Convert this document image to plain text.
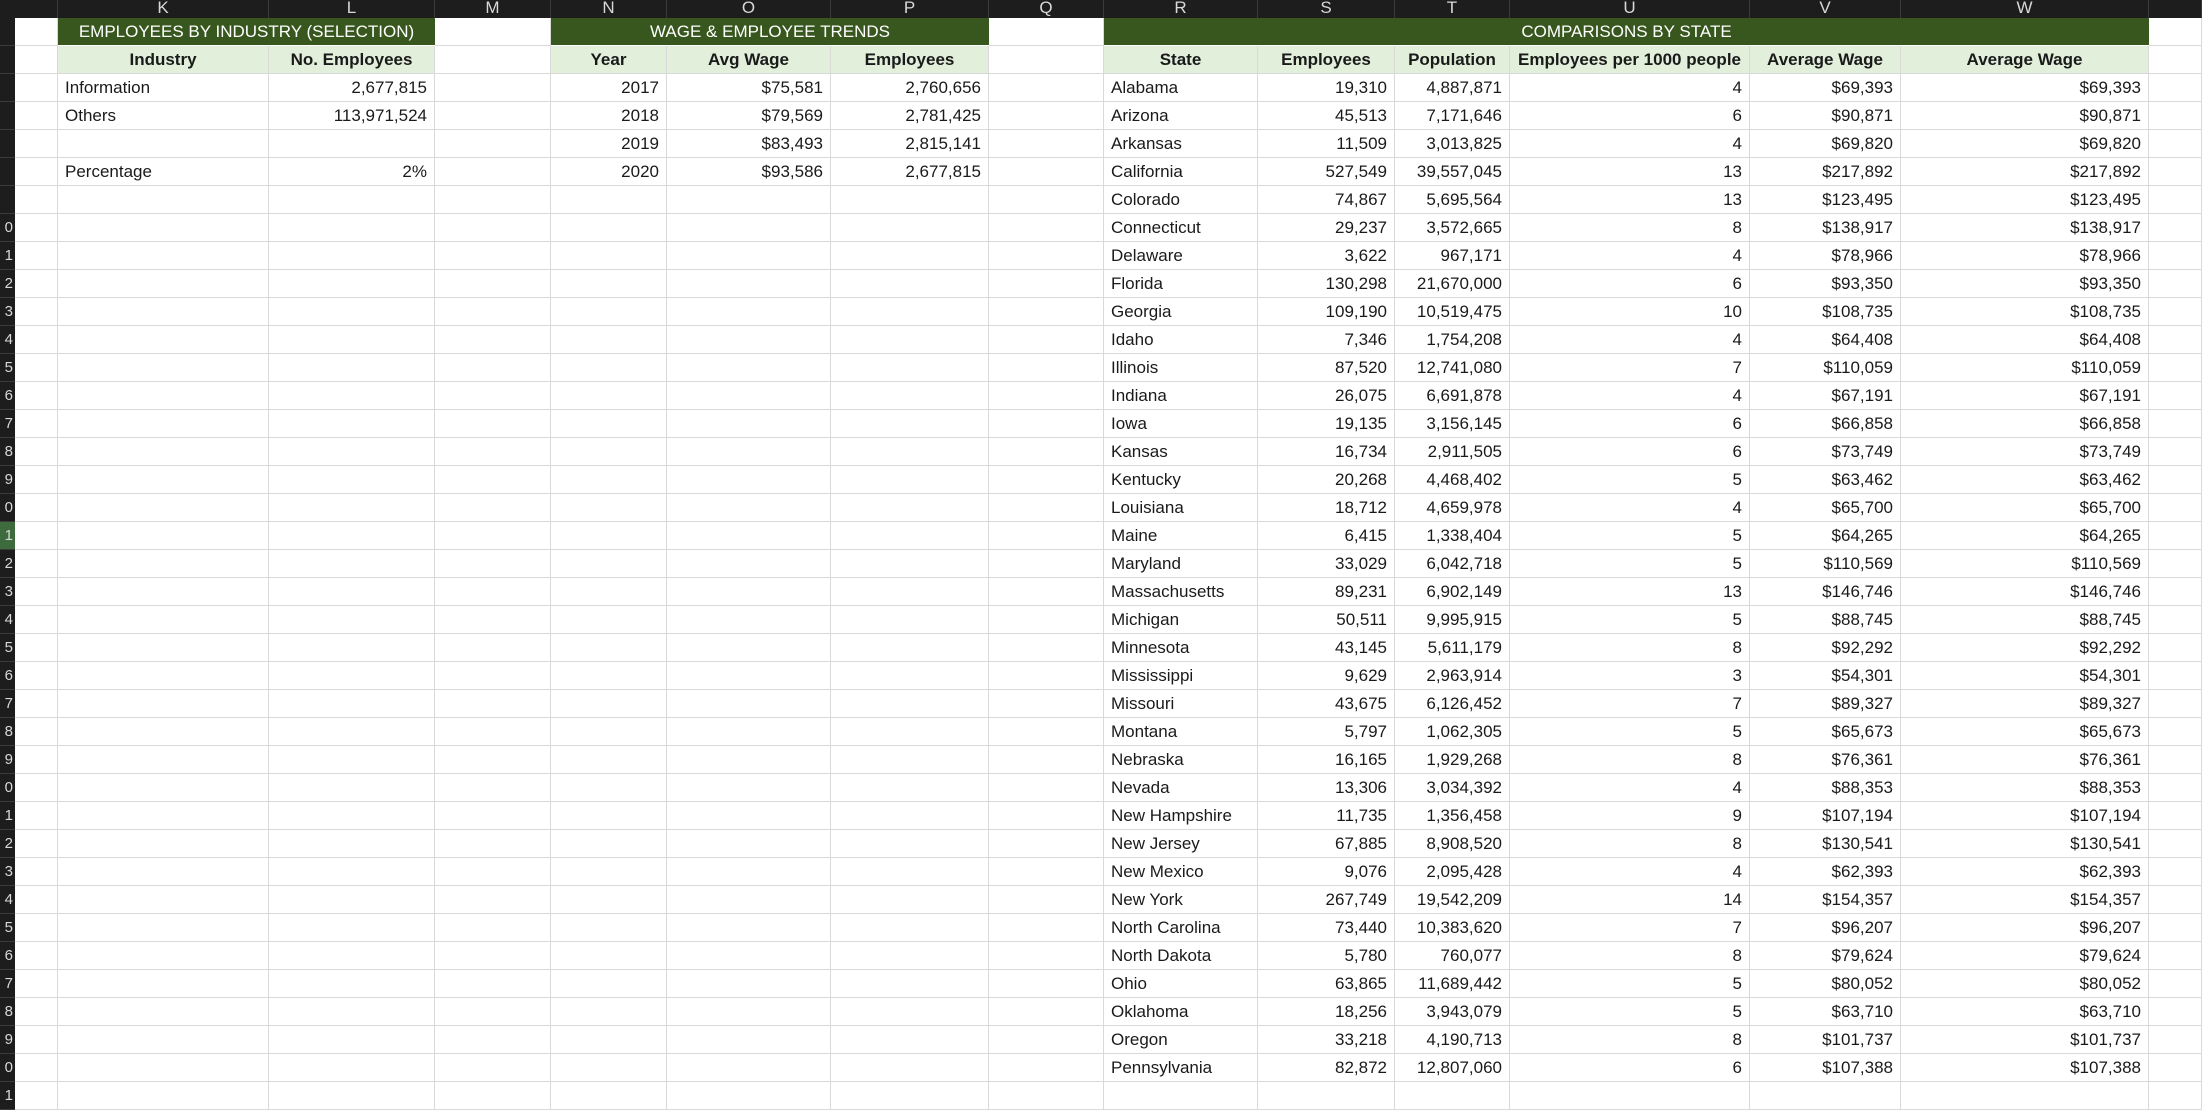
K	L	M	N	O	P	Q	R	S	T	U	V	W
0
1
2
3
4
5
6
7
8
9
0
1
2
3
4
5
6
7
8
9
0
1
2
3
4
5
6
7
8
9
0
1
EMPLOYEES BY INDUSTRY (SELECTION)
Industry	No. Employees
Information	2,677,815
Others	113,971,524
Percentage	2%
WAGE & EMPLOYEE TRENDS
Year	Avg Wage	Employees
2017	$75,581	2,760,656
2018	$79,569	2,781,425
2019	$83,493	2,815,141
2020	$93,586	2,677,815
COMPARISONS BY STATE
State	Employees	Population	Employees per 1000 people	Average Wage	Average Wage
Alabama	19,310	4,887,871	4	$69,393	$69,393
Arizona	45,513	7,171,646	6	$90,871	$90,871
Arkansas	11,509	3,013,825	4	$69,820	$69,820
California	527,549	39,557,045	13	$217,892	$217,892
Colorado	74,867	5,695,564	13	$123,495	$123,495
Connecticut	29,237	3,572,665	8	$138,917	$138,917
Delaware	3,622	967,171	4	$78,966	$78,966
Florida	130,298	21,670,000	6	$93,350	$93,350
Georgia	109,190	10,519,475	10	$108,735	$108,735
Idaho	7,346	1,754,208	4	$64,408	$64,408
Illinois	87,520	12,741,080	7	$110,059	$110,059
Indiana	26,075	6,691,878	4	$67,191	$67,191
Iowa	19,135	3,156,145	6	$66,858	$66,858
Kansas	16,734	2,911,505	6	$73,749	$73,749
Kentucky	20,268	4,468,402	5	$63,462	$63,462
Louisiana	18,712	4,659,978	4	$65,700	$65,700
Maine	6,415	1,338,404	5	$64,265	$64,265
Maryland	33,029	6,042,718	5	$110,569	$110,569
Massachusetts	89,231	6,902,149	13	$146,746	$146,746
Michigan	50,511	9,995,915	5	$88,745	$88,745
Minnesota	43,145	5,611,179	8	$92,292	$92,292
Mississippi	9,629	2,963,914	3	$54,301	$54,301
Missouri	43,675	6,126,452	7	$89,327	$89,327
Montana	5,797	1,062,305	5	$65,673	$65,673
Nebraska	16,165	1,929,268	8	$76,361	$76,361
Nevada	13,306	3,034,392	4	$88,353	$88,353
New Hampshire	11,735	1,356,458	9	$107,194	$107,194
New Jersey	67,885	8,908,520	8	$130,541	$130,541
New Mexico	9,076	2,095,428	4	$62,393	$62,393
New York	267,749	19,542,209	14	$154,357	$154,357
North Carolina	73,440	10,383,620	7	$96,207	$96,207
North Dakota	5,780	760,077	8	$79,624	$79,624
Ohio	63,865	11,689,442	5	$80,052	$80,052
Oklahoma	18,256	3,943,079	5	$63,710	$63,710
Oregon	33,218	4,190,713	8	$101,737	$101,737
Pennsylvania	82,872	12,807,060	6	$107,388	$107,388
